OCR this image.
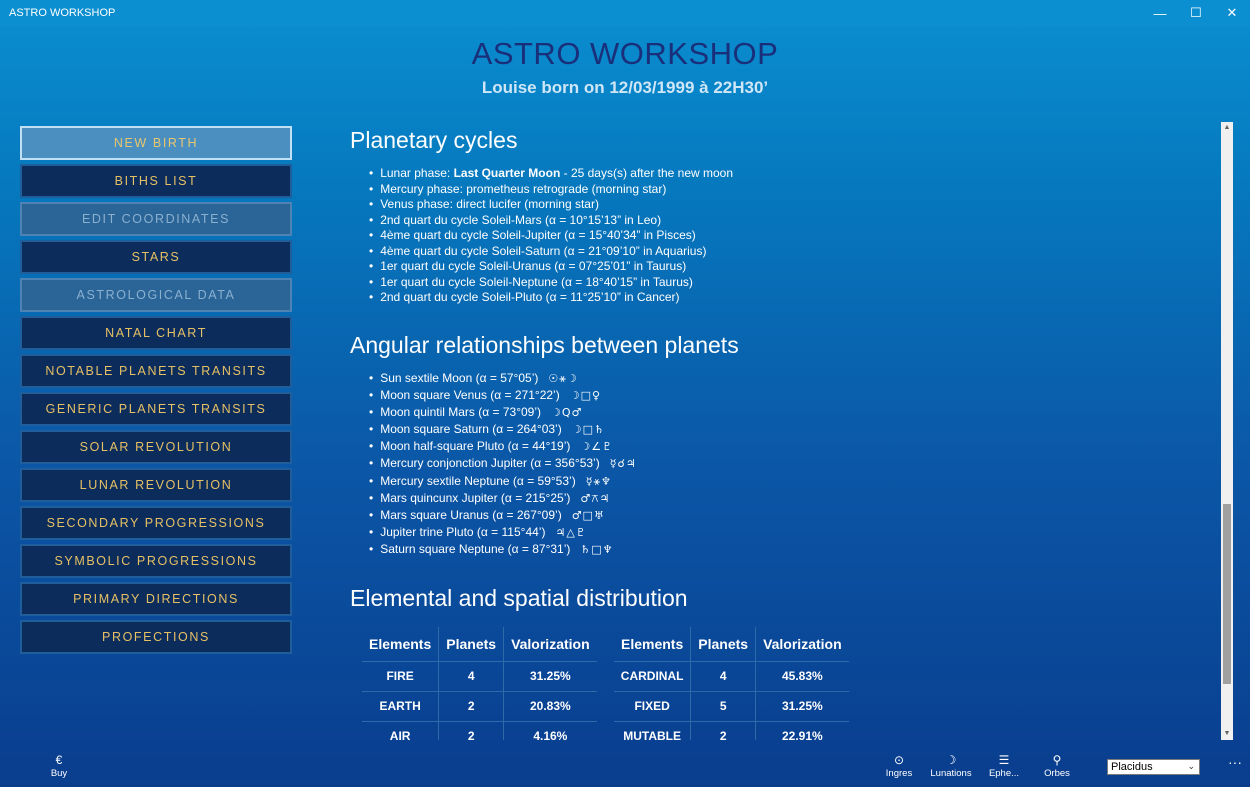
ASTRO WORKSHOP	—	☐	✕
ASTRO WORKSHOP
Louise born on 12/03/1999 à 22H30’
NEW BIRTH
BITHS LIST
EDIT COORDINATES
STARS
ASTROLOGICAL DATA
NATAL CHART
NOTABLE PLANETS TRANSITS
GENERIC PLANETS TRANSITS
SOLAR REVOLUTION
LUNAR REVOLUTION
SECONDARY PROGRESSIONS
SYMBOLIC PROGRESSIONS
PRIMARY DIRECTIONS
PROFECTIONS
Planetary cycles
• Lunar phase: Last Quarter Moon - 25 days(s) after the new moon
• Mercury phase: prometheus retrograde (morning star)
• Venus phase: direct lucifer (morning star)
• 2nd quart du cycle Soleil-Mars (α = 10°15’13” in Leo)
• 4ème quart du cycle Soleil-Jupiter (α = 15°40’34” in Pisces)
• 4ème quart du cycle Soleil-Saturn (α = 21°09’10” in Aquarius)
• 1er quart du cycle Soleil-Uranus (α = 07°25’01” in Taurus)
• 1er quart du cycle Soleil-Neptune (α = 18°40’15” in Taurus)
• 2nd quart du cycle Soleil-Pluto (α = 11°25’10” in Cancer)
Angular relationships between planets
• Sun sextile Moon (α = 57°05’) ☉⚹☽
• Moon square Venus (α = 271°22’) ☽□♀
• Moon quintil Mars (α = 73°09’) ☽Q♂
• Moon square Saturn (α = 264°03’) ☽□♄
• Moon half-square Pluto (α = 44°19’) ☽∠♇
• Mercury conjonction Jupiter (α = 356°53’) ☿☌♃
• Mercury sextile Neptune (α = 59°53’) ☿⚹♆
• Mars quincunx Jupiter (α = 215°25’) ♂⚻♃
• Mars square Uranus (α = 267°09’) ♂□♅
• Jupiter trine Pluto (α = 115°44’) ♃△♇
• Saturn square Neptune (α = 87°31’) ♄□♆
Elemental and spatial distribution
Elements	Planets	Valorization
FIRE	4	31.25%
EARTH	2	20.83%
AIR	2	4.16%
Elements	Planets	Valorization
CARDINAL	4	45.83%
FIXED	5	31.25%
MUTABLE	2	22.91%
▲
▼
€
Buy
⊙
Ingres
☽
Lunations
☰
Ephe...
⚲
Orbes
Placidus	⌄ ···
